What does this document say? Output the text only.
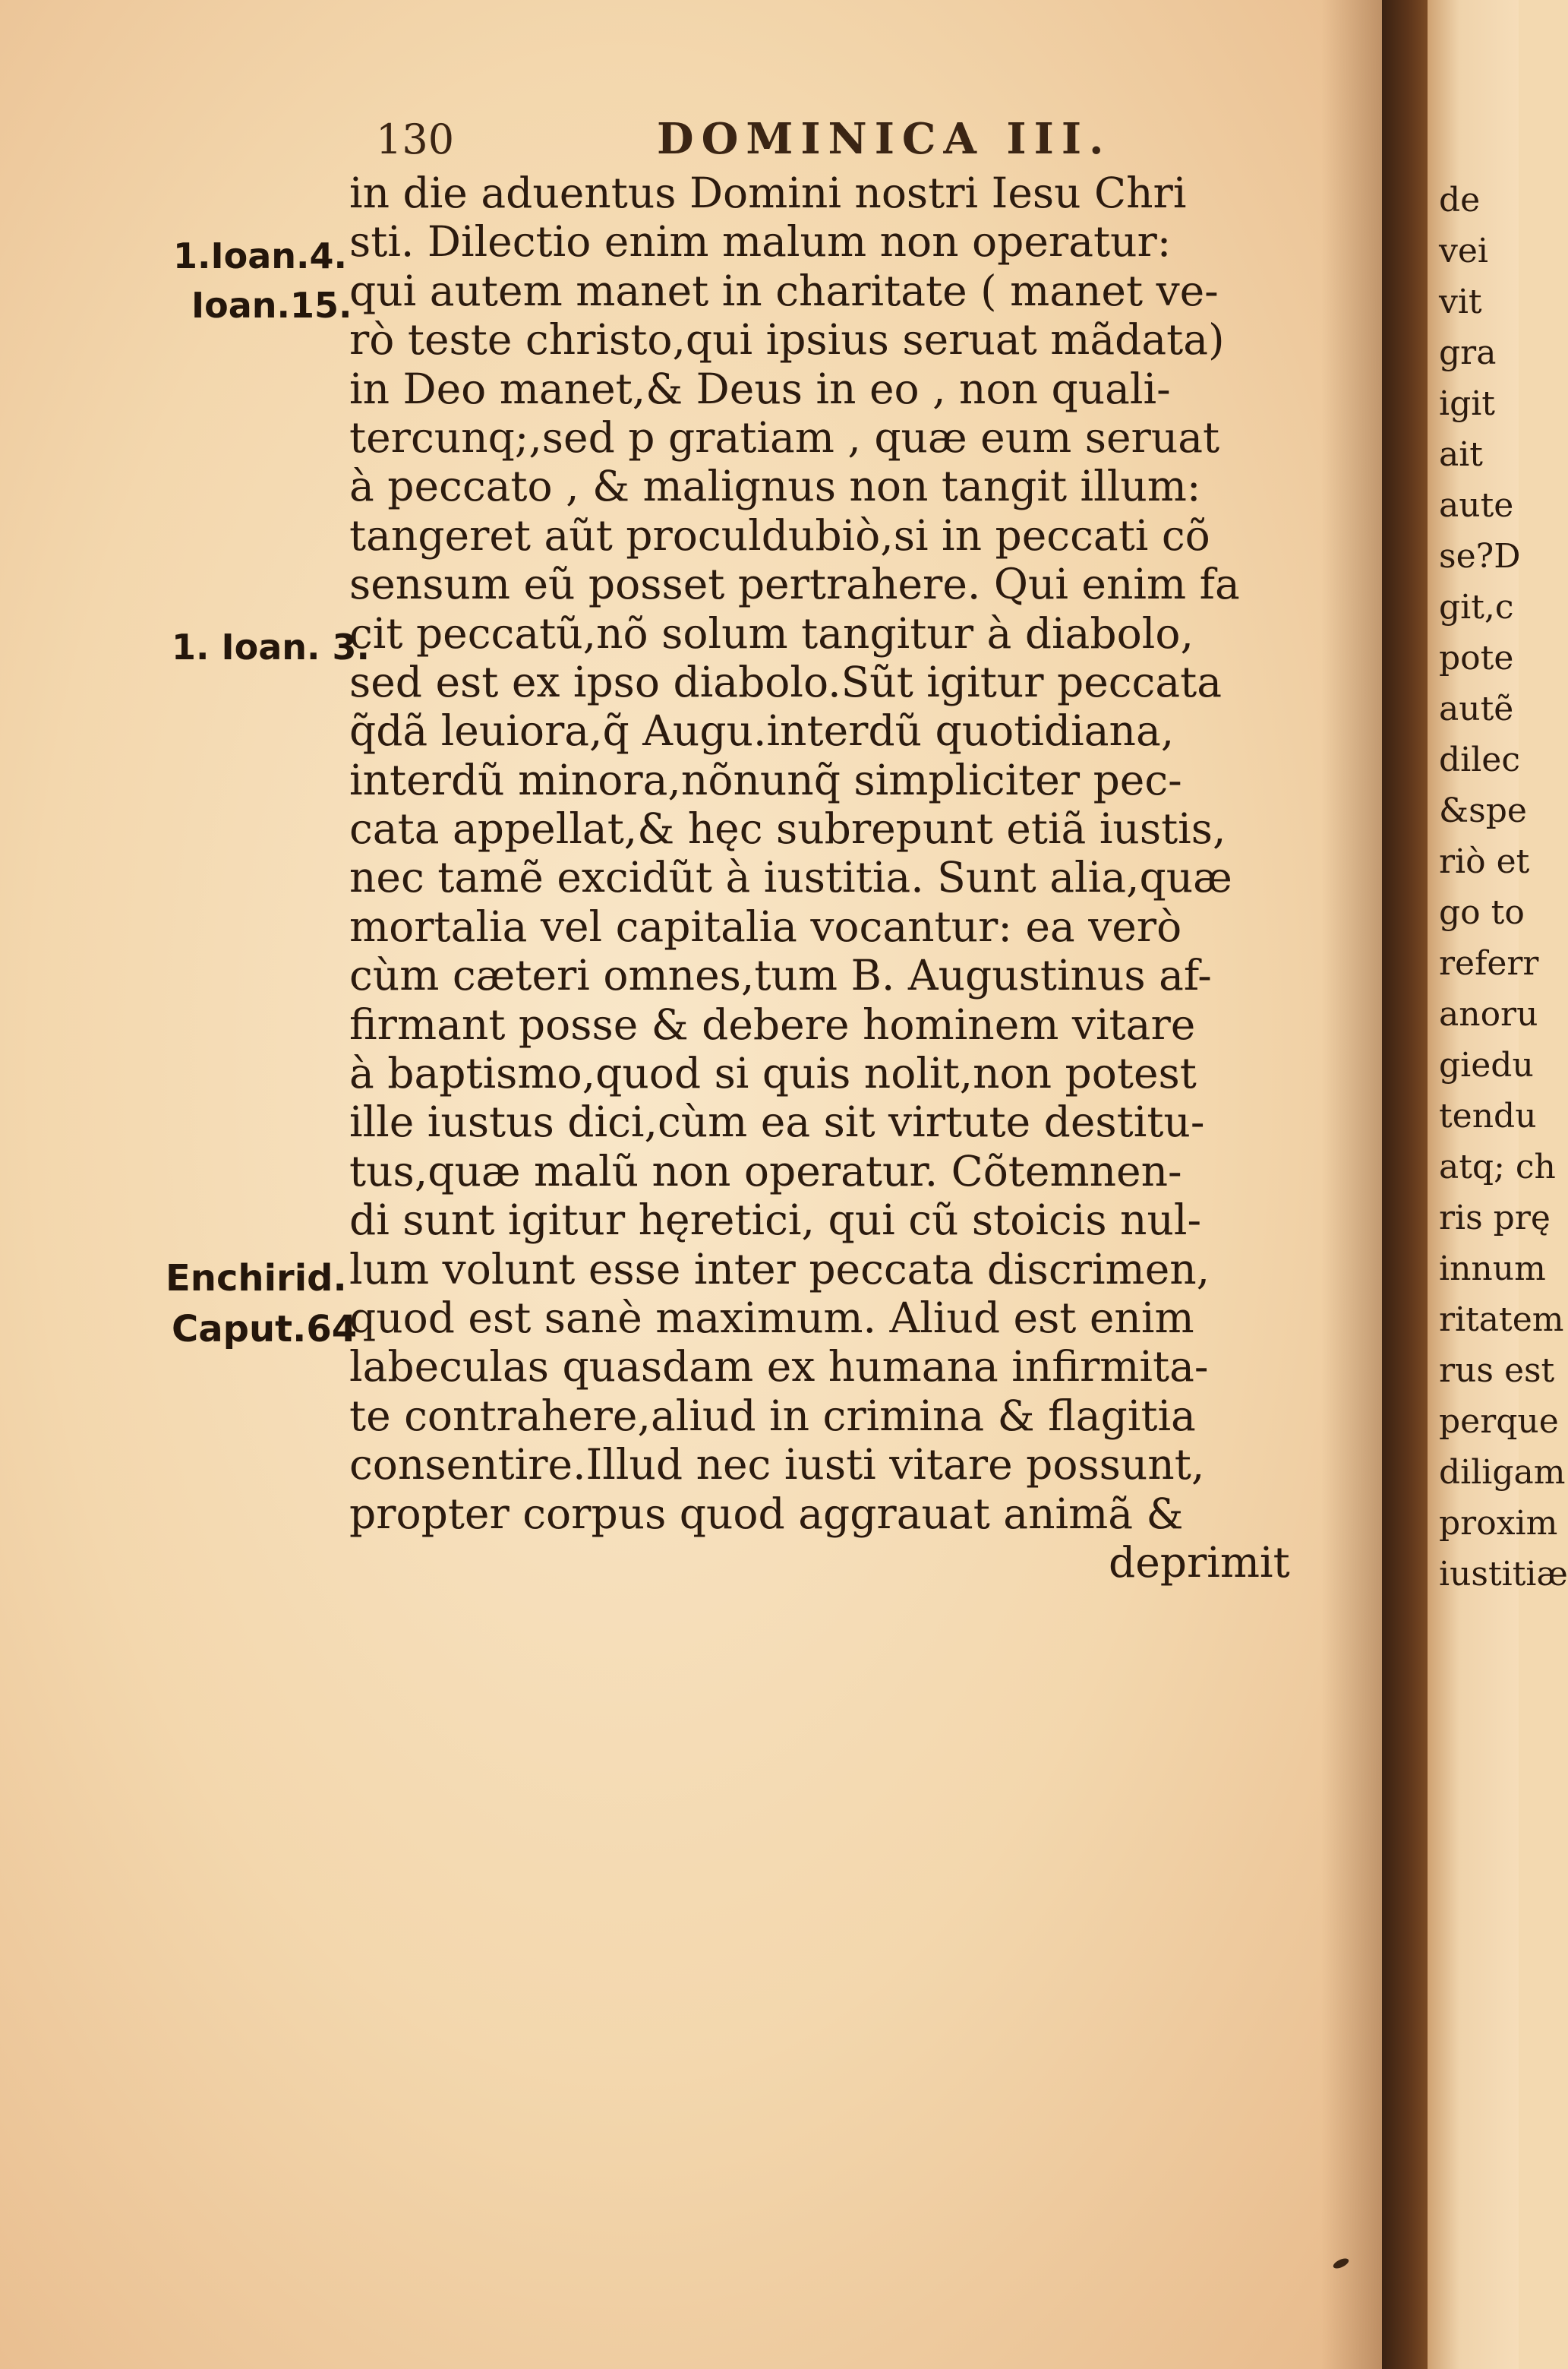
130	DOMINICA III.
in die aduentus Domini nostri Iesu Chri
sti. Dilectio enim malum non operatur:
qui autem manet in charitate ( manet ve-
rò teste christo,qui ipsius seruat mãdata)
in Deo manet,& Deus in eo , non quali-
tercunq;,sed p gratiam , quæ eum seruat
à peccato , & malignus non tangit illum:
tangeret aũt proculdubiò,si in peccati cõ
sensum eũ posset pertrahere. Qui enim fa
cit peccatũ,nõ solum tangitur à diabolo,
sed est ex ipso diabolo.Sũt igitur peccata
q̃dã leuiora,q̃ Augu.interdũ quotidiana,
interdũ minora,nõnunq̃ simpliciter pec-
cata appellat,& hęc subrepunt etiã iustis,
nec tamẽ excidũt à iustitia. Sunt alia,quæ
mortalia vel capitalia vocantur: ea verò
cùm cæteri omnes,tum B. Augustinus af-
firmant posse & debere hominem vitare
à baptismo,quod si quis nolit,non potest
ille iustus dici,cùm ea sit virtute destitu-
tus,quæ malũ non operatur. Cõtemnen-
di sunt igitur hęretici, qui cũ stoicis nul-
lum volunt esse inter peccata discrimen,
quod est sanè maximum. Aliud est enim
labeculas quasdam ex humana infirmita-
te contrahere,aliud in crimina & flagitia
consentire.Illud nec iusti vitare possunt,
propter corpus quod aggrauat animã &
deprimit
1.Ioan.4.
Ioan.15.
1. Ioan. 3.
Enchirid.
Caput.64
de
vei
vit
gra
igit
ait
aute
se?D
git,c
pote
autẽ
dilec
&spe
riò et
go to
referr
anoru
giedu
tendu
atq; ch
ris prę
innum
ritatem
rus est
perque
diligam
proxim
iustitiæ
